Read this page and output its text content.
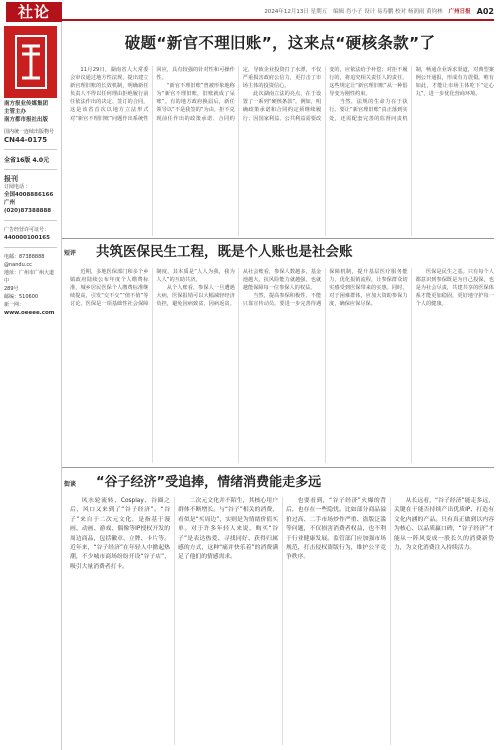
社论	2024年12月13日 星期五 编辑 肖小子 设计 易寿鹏 校对 杨润雨 黄钧林 广州日报 A02
南方报业传媒集团
主管主办
南方都市报社出版
国内统一连续出版物号
CN44-0175
全省16版 4.0元
报刊
订阅电话 ：
全国4008886166
广州(020)87388888
广告经营许可证号：
440000100165
电邮：87388888
@nandu.cc
地址：广州市广州大道中
289号
邮编：510600
新一网：
www.oeeee.com
破题“新官不理旧账”，这来点“硬核条款”了

11月29日，湖南省人大常委会审议通过地方性法规，提出建立新官理旧账的长效机制，明确新任负责人不得以任何理由拒绝履行前任依法作出的决定、签订的合同。这是该省首次以地方立法形式对“新官不理旧账”问题作出系统性回应，具有较强的针对性和可操作性。

“新官不理旧账”曾被形象地称为“新官不理旧账，旧账就成了呆账”。有的地方政府换届后，新任领导以“不是我签的”为由，拒不兑现前任作出的政策承诺、合同约定，导致企业投资打了水漂，不仅严重损害政府公信力，更打击了市场主体的投资信心。

此次湖南立法的亮点，在于设置了一系列“硬核条款”。例如，明确政策承诺和合同约定须继续履行；因国家利益、公共利益需要改变的，应依法给予补偿；对拒不履行的，将追究相关责任人的责任。这些规定让“新官理旧账”从一种倡导变为刚性约束。

当然，法规的生命力在于执行。要让“新官理旧账”真正落到实处，还需配套完善的监督问责机制，畅通企业诉求渠道，对典型案例公开通报，形成有力震慑。唯有如此，才能让市场主体吃下“定心丸”，进一步优化营商环境。

短评 共筑医保民生工程，既是个人账也是社会账

近期，多地医保部门和多个乡镇政府陆续公布年度个人缴费标准，城乡居民医保个人缴费标准继续提高，引发“交不交”“值不值”等讨论。医保是一项基础性社会保障制度，其本质是“人人为我，我为人人”的互助共济。

从个人账看，参保人一旦遭遇大病，医保报销可以大幅减轻经济负担，避免因病致贫、因病返贫。从社会账看，参保人数越多，基金池越大，抗风险能力就越强，也就越能保障每一位参保人的权益。

当然，提高参保积极性，不能只靠宣传动员。要进一步完善待遇保障机制，提升基层医疗服务能力，优化报销流程，让参保群众切实感受到医保带来的实惠。同时，对于困难群体，应加大资助参保力度，确保应保尽保。

医保是民生之基。只有每个人都意识到参保既是为自己投保，也是为社会尽责，共建共享的医保体系才能更加稳固，更好地守护每一个人的健康。

街谈 “谷子经济”受追捧，情绪消费能走多远

风水轮流转，Cosplay、谷圈之后，风口又来到了“谷子经济”。“谷子”来自于二次元文化，是指基于漫画、动画、游戏、偶像等IP授权开发的周边商品，包括徽章、立牌、卡片等。近年来，“谷子经济”在年轻人中掀起热潮，不少城市商场纷纷开设“谷子店”，吸引大量消费者打卡。

二次元文化并不陌生，其核心用户群体不断增长。与“谷子”相关的消费，看似是“买周边”，实则是为情绪价值买单。对于许多年轻人来说，购买“谷子”是表达热爱、寻找同好、获得归属感的方式，这种“痛并快乐着”的消费满足了他们的情感需求。

也要看到，“谷子经济”火爆的背后，也存在一些隐忧。比如部分商品溢价过高、二手市场炒作严重、盗版泛滥等问题，不仅损害消费者权益，也不利于行业健康发展。监管部门应加强市场规范，打击侵权盗版行为，维护公平竞争秩序。

从长远看，“谷子经济”能走多远，关键在于能否持续产出优质IP、打造有文化内涵的产品。只有真正做到以内容为核心、以品质赢口碑，“谷子经济”才能从一阵风变成一股长久的消费新势力，为文化消费注入持续活力。
